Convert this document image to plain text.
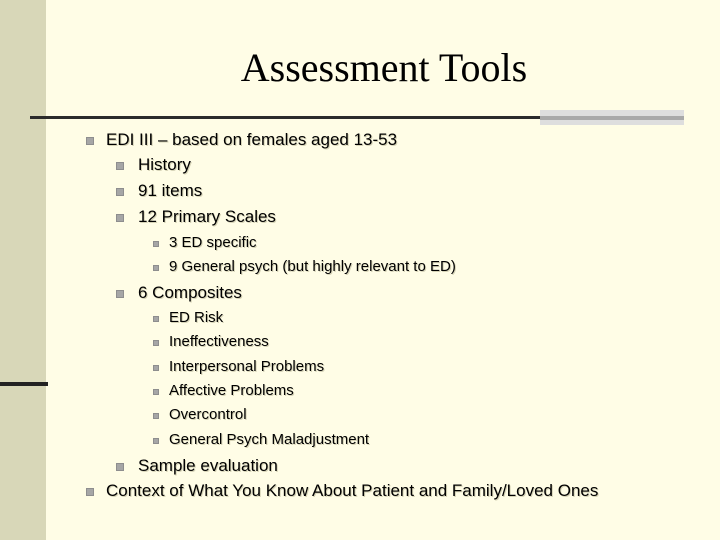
Assessment Tools
EDI III – based on females aged 13-53
History
91 items
12 Primary Scales
3 ED specific
9 General psych (but highly relevant to ED)
6 Composites
ED Risk
Ineffectiveness
Interpersonal Problems
Affective Problems
Overcontrol
General Psych Maladjustment
Sample evaluation
Context of What You Know About Patient and Family/Loved Ones
